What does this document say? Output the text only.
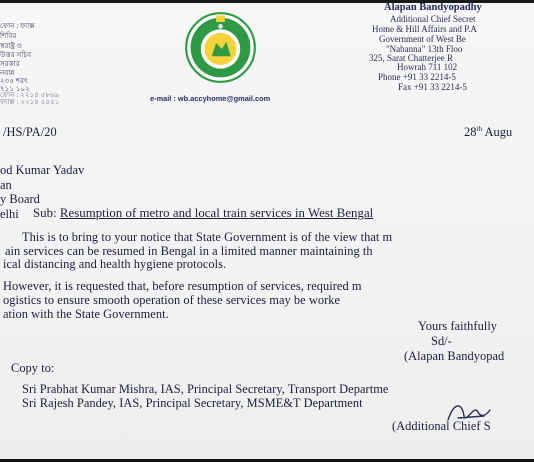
ফোন : ফ্যাক্স
শিবির
স্বরাষ্ট্র ও
উত্তর সচিব
সরকার
নবান্ন
২৩৫ শরৎ
৭১১ ১০২
ফোন : ২২১৪ ৫৮৬৯
ফ্যাক্স : ২২১৪ ৫৫৫১
Alapan Bandyopadhy
Additional Chief Secret
Home & Hill Affairs and P.A
Government of West Be
"Nabanna" 13th Floo
325, Sarat Chatterjee R
Howrah 711 102
Phone +91 33 2214-5
Fax +91 33 2214-5
e-mail : wb.accyhome@gmail.com
/HS/PA/20	28th Augu
od Kumar Yadav
an
y Board
elhi Sub: Resumption of metro and local train services in West Bengal
This is to bring to your notice that State Government is of the view that m
ain services can be resumed in Bengal in a limited manner maintaining th
ical distancing and health hygiene protocols.
However, it is requested that, before resumption of services, required m
ogistics to ensure smooth operation of these services may be worke
ation with the State Government.
Yours faithfully
Sd/-
(Alapan Bandyopad
Copy to:
Sri Prabhat Kumar Mishra, IAS, Principal Secretary, Transport Departme
Sri Rajesh Pandey, IAS, Principal Secretary, MSME&T Department
(Additional Chief S
